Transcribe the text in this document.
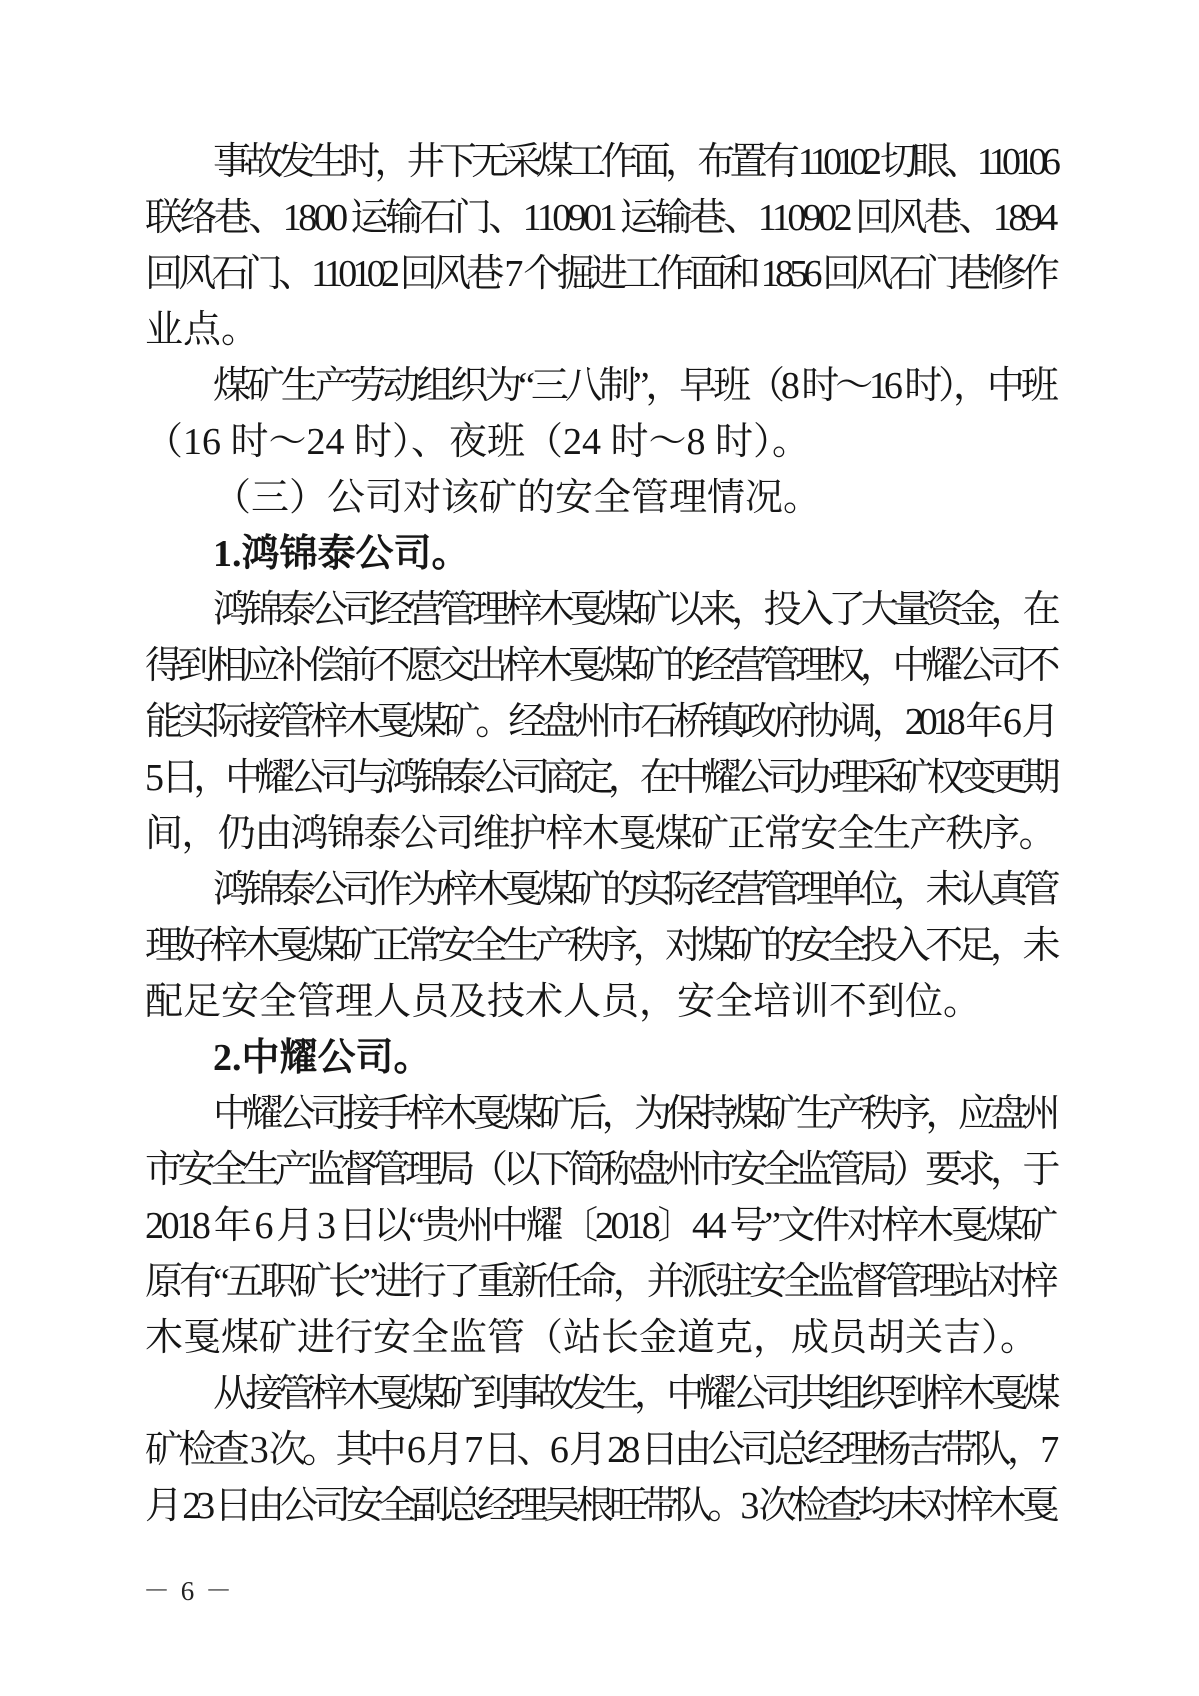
事故发生时，井下无采煤工作面，布置有 110102 切眼、110106
联络巷、1800 运输石门、110901 运输巷、110902 回风巷、1894
回风石门、110102 回风巷 7 个掘进工作面和 1856 回风石门巷修作
业点。
煤矿生产劳动组织为“三八制”，早班（8 时～16 时），中班
（16 时～24 时）、夜班（24 时～8 时）。
（三）公司对该矿的安全管理情况。
1.鸿锦泰公司。
鸿锦泰公司经营管理梓木戛煤矿以来，投入了大量资金，在
得到相应补偿前不愿交出梓木戛煤矿的经营管理权，中耀公司不
能实际接管梓木戛煤矿。经盘州市石桥镇政府协调，2018 年 6 月
5 日，中耀公司与鸿锦泰公司商定，在中耀公司办理采矿权变更期
间，仍由鸿锦泰公司维护梓木戛煤矿正常安全生产秩序。
鸿锦泰公司作为梓木戛煤矿的实际经营管理单位，未认真管
理好梓木戛煤矿正常安全生产秩序，对煤矿的安全投入不足，未
配足安全管理人员及技术人员，安全培训不到位。
2.中耀公司。
中耀公司接手梓木戛煤矿后，为保持煤矿生产秩序，应盘州
市安全生产监督管理局（以下简称盘州市安全监管局）要求，于
2018 年 6 月 3 日以“贵州中耀〔2018〕44 号”文件对梓木戛煤矿
原有“五职矿长”进行了重新任命，并派驻安全监督管理站对梓
木戛煤矿进行安全监管（站长金道克，成员胡关吉）。
从接管梓木戛煤矿到事故发生，中耀公司共组织到梓木戛煤
矿检查 3 次。其中 6 月 7 日、6 月 28 日由公司总经理杨吉带队，7
月 23 日由公司安全副总经理吴根旺带队。3 次检查均未对梓木戛
－ 6 －
